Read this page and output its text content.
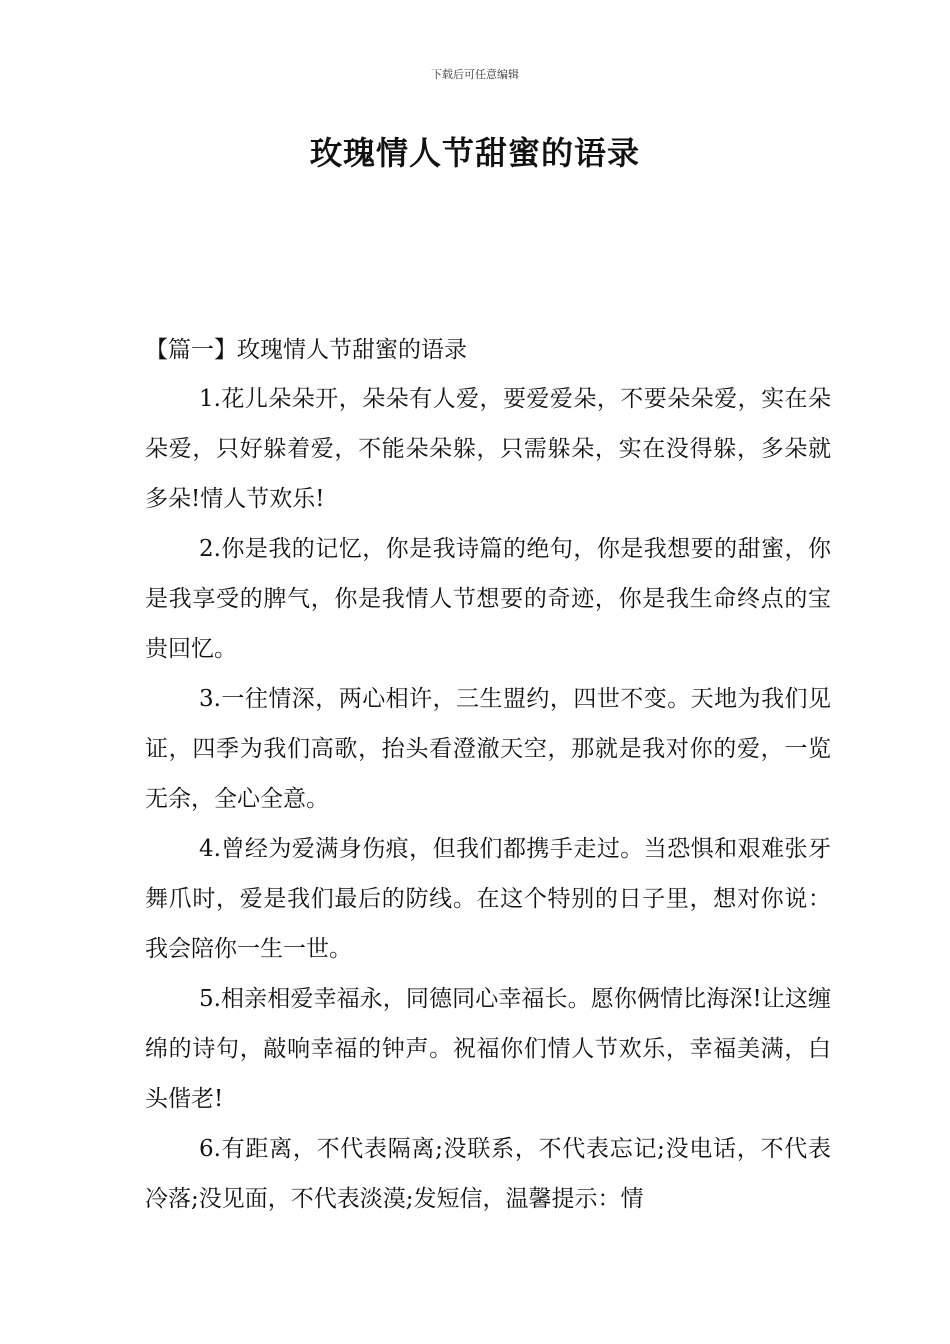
下载后可任意编辑
玫瑰情人节甜蜜的语录

【篇一】玫瑰情人节甜蜜的语录

1.花儿朵朵开，朵朵有人爱，要爱爱朵，不要朵朵爱，实在朵朵爱，只好躲着爱，不能朵朵躲，只需躲朵，实在没得躲，多朵就多朵!情人节欢乐!

2.你是我的记忆，你是我诗篇的绝句，你是我想要的甜蜜，你是我享受的脾气，你是我情人节想要的奇迹，你是我生命终点的宝贵回忆。

3.一往情深，两心相许，三生盟约，四世不变。天地为我们见证，四季为我们高歌，抬头看澄澈天空，那就是我对你的爱，一览无余，全心全意。

4.曾经为爱满身伤痕，但我们都携手走过。当恐惧和艰难张牙舞爪时，爱是我们最后的防线。在这个特别的日子里，想对你说：我会陪你一生一世。

5.相亲相爱幸福永，同德同心幸福长。愿你俩情比海深!让这缠绵的诗句，敲响幸福的钟声。祝福你们情人节欢乐，幸福美满，白头偕老!

6.有距离，不代表隔离;没联系，不代表忘记;没电话，不代表冷落;没见面，不代表淡漠;发短信，温馨提示：情
